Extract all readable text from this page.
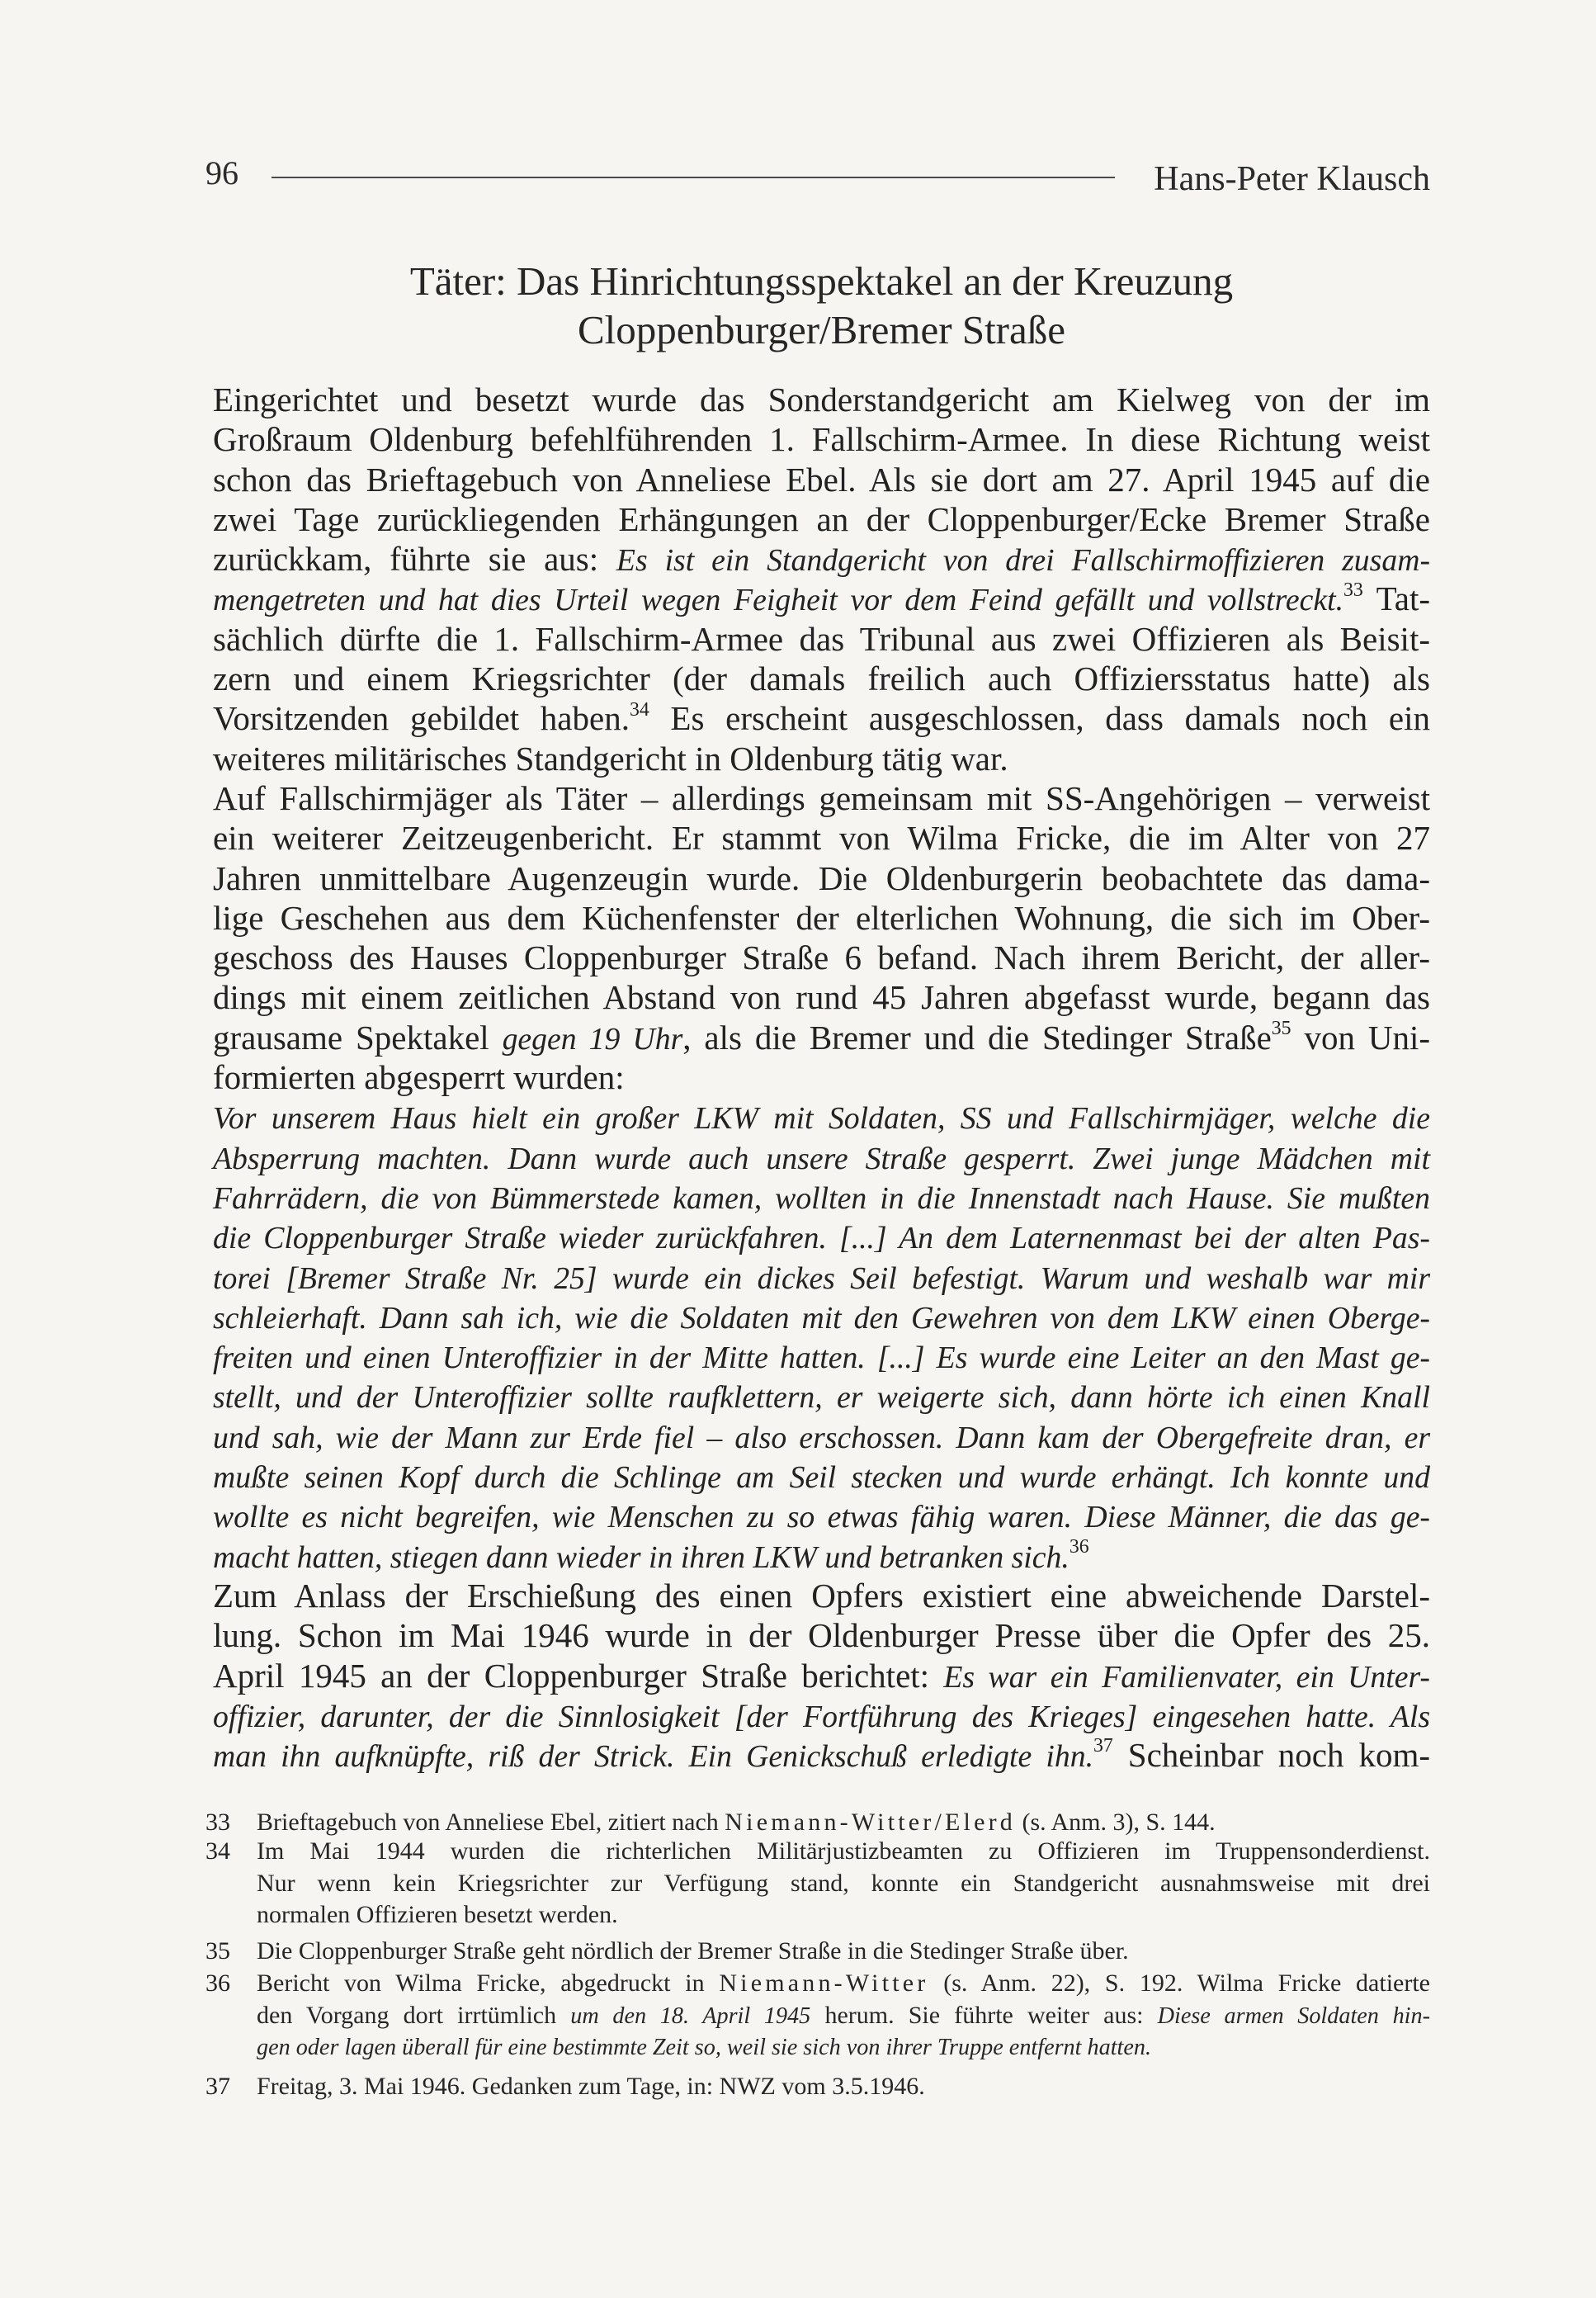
96	Hans-Peter Klausch
Täter: Das Hinrichtungsspektakel an der Kreuzung
Cloppenburger/Bremer Straße
Eingerichtet und besetzt wurde das Sonderstandgericht am Kielweg von der im
Großraum Oldenburg befehlführenden 1. Fallschirm-Armee. In diese Richtung weist
schon das Brieftagebuch von Anneliese Ebel. Als sie dort am 27. April 1945 auf die
zwei Tage zurückliegenden Erhängungen an der Cloppenburger/Ecke Bremer Straße
zurückkam, führte sie aus: Es ist ein Standgericht von drei Fallschirmoffizieren zusam-
mengetreten und hat dies Urteil wegen Feigheit vor dem Feind gefällt und vollstreckt.$^{33}$ Tat-
sächlich dürfte die 1. Fallschirm-Armee das Tribunal aus zwei Offizieren als Beisit-
zern und einem Kriegsrichter (der damals freilich auch Offiziersstatus hatte) als
Vorsitzenden gebildet haben.$^{34}$ Es erscheint ausgeschlossen, dass damals noch ein
weiteres militärisches Standgericht in Oldenburg tätig war.
Auf Fallschirmjäger als Täter – allerdings gemeinsam mit SS-Angehörigen – verweist
ein weiterer Zeitzeugenbericht. Er stammt von Wilma Fricke, die im Alter von 27
Jahren unmittelbare Augenzeugin wurde. Die Oldenburgerin beobachtete das dama-
lige Geschehen aus dem Küchenfenster der elterlichen Wohnung, die sich im Ober-
geschoss des Hauses Cloppenburger Straße 6 befand. Nach ihrem Bericht, der aller-
dings mit einem zeitlichen Abstand von rund 45 Jahren abgefasst wurde, begann das
grausame Spektakel gegen 19 Uhr, als die Bremer und die Stedinger Straße$^{35}$ von Uni-
formierten abgesperrt wurden:
Vor unserem Haus hielt ein großer LKW mit Soldaten, SS und Fallschirmjäger, welche die
Absperrung machten. Dann wurde auch unsere Straße gesperrt. Zwei junge Mädchen mit
Fahrrädern, die von Bümmerstede kamen, wollten in die Innenstadt nach Hause. Sie mußten
die Cloppenburger Straße wieder zurückfahren. [...] An dem Laternenmast bei der alten Pas-
torei [Bremer Straße Nr. 25] wurde ein dickes Seil befestigt. Warum und weshalb war mir
schleierhaft. Dann sah ich, wie die Soldaten mit den Gewehren von dem LKW einen Oberge-
freiten und einen Unteroffizier in der Mitte hatten. [...] Es wurde eine Leiter an den Mast ge-
stellt, und der Unteroffizier sollte raufklettern, er weigerte sich, dann hörte ich einen Knall
und sah, wie der Mann zur Erde fiel – also erschossen. Dann kam der Obergefreite dran, er
mußte seinen Kopf durch die Schlinge am Seil stecken und wurde erhängt. Ich konnte und
wollte es nicht begreifen, wie Menschen zu so etwas fähig waren. Diese Männer, die das ge-
macht hatten, stiegen dann wieder in ihren LKW und betranken sich.$^{36}$
Zum Anlass der Erschießung des einen Opfers existiert eine abweichende Darstel-
lung. Schon im Mai 1946 wurde in der Oldenburger Presse über die Opfer des 25.
April 1945 an der Cloppenburger Straße berichtet: Es war ein Familienvater, ein Unter-
offizier, darunter, der die Sinnlosigkeit [der Fortführung des Krieges] eingesehen hatte. Als
man ihn aufknüpfte, riß der Strick. Ein Genickschuß erledigte ihn.$^{37}$ Scheinbar noch kom-
33 Brieftagebuch von Anneliese Ebel, zitiert nach Niemann-Witter/Elerd (s. Anm. 3), S. 144.
34 Im Mai 1944 wurden die richterlichen Militärjustizbeamten zu Offizieren im Truppensonderdienst.
Nur wenn kein Kriegsrichter zur Verfügung stand, konnte ein Standgericht ausnahmsweise mit drei
normalen Offizieren besetzt werden.
35 Die Cloppenburger Straße geht nördlich der Bremer Straße in die Stedinger Straße über.
36 Bericht von Wilma Fricke, abgedruckt in Niemann-Witter (s. Anm. 22), S. 192. Wilma Fricke datierte
den Vorgang dort irrtümlich um den 18. April 1945 herum. Sie führte weiter aus: Diese armen Soldaten hin-
gen oder lagen überall für eine bestimmte Zeit so, weil sie sich von ihrer Truppe entfernt hatten.
37 Freitag, 3. Mai 1946. Gedanken zum Tage, in: NWZ vom 3.5.1946.
